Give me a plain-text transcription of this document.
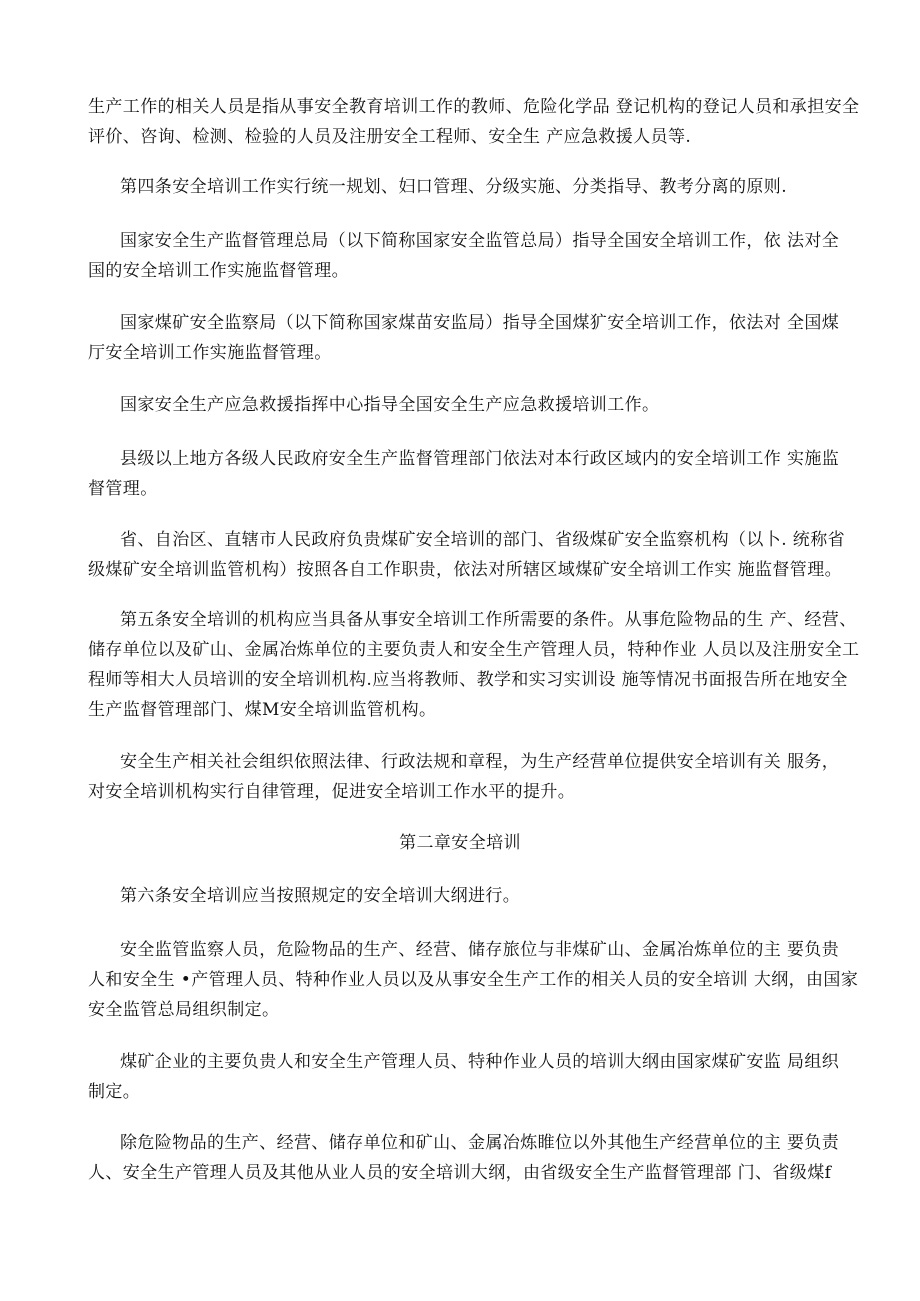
生产工作的相关人员是指从事安全教育培训工作的教师、危险化学品 登记机构的登记人员和承担安全
评价、咨询、检测、检验的人员及注册安全工程师、安全生 产应急救援人员等.

第四条安全培训工作实行统一规划、妇口管理、分级实施、分类指导、教考分离的原则.

国家安全生产监督管理总局（以下简称国家安全监管总局）指导全国安全培训工作，依 法对全
国的安全培训工作实施监督管理。

国家煤矿安全监察局（以下简称国家煤苗安监局）指导全国煤犷安全培训工作，依法对 全国煤
厅安全培训工作实施监督管理。

国家安全生产应急救援指挥中心指导全国安全生产应急救援培训工作。

县级以上地方各级人民政府安全生产监督管理部门依法对本行政区域内的安全培训工作 实施监
督管理。

省、自治区、直辖市人民政府负贵煤矿安全培训的部门、省级煤矿安全监察机构（以卜. 统称省
级煤矿安全培训监管机构）按照各自工作职贵，依法对所辖区域煤矿安全培训工作实 施监督管理。

第五条安全培训的机构应当具备从事安全培训工作所需要的条件。从事危险物品的生 产、经营、
储存单位以及矿山、金属冶炼单位的主要负责人和安全生产管理人员，特种作业 人员以及注册安全工
程师等相大人员培训的安全培训机构.应当将教师、教学和实习实训设 施等情况书面报告所在地安全
生产监督管理部门、煤M安全培训监管机构。

安全生产相关社会组织依照法律、行政法规和章程，为生产经营单位提供安全培训有关 服务，
对安全培训机构实行自律管理，促进安全培训工作水平的提升。

第二章安全培训

第六条安全培训应当按照规定的安全培训大纲进行。

安全监管监察人员，危险物品的生产、经营、储存旅位与非煤矿山、金属冶炼单位的主 要负贵
人和安全生 •产管理人员、特种作业人员以及从事安全生产工作的相关人员的安全培训 大纲，由国家
安全监管总局组织制定。

煤矿企业的主要负贵人和安全生产管理人员、特种作业人员的培训大纲由国家煤矿安监 局组织
制定。

除危险物品的生产、经营、储存单位和矿山、金属冶炼睢位以外其他生产经营单位的主 要负责
人、安全生产管理人员及其他从业人员的安全培训大纲，由省级安全生产监督管理部 门、省级煤f
